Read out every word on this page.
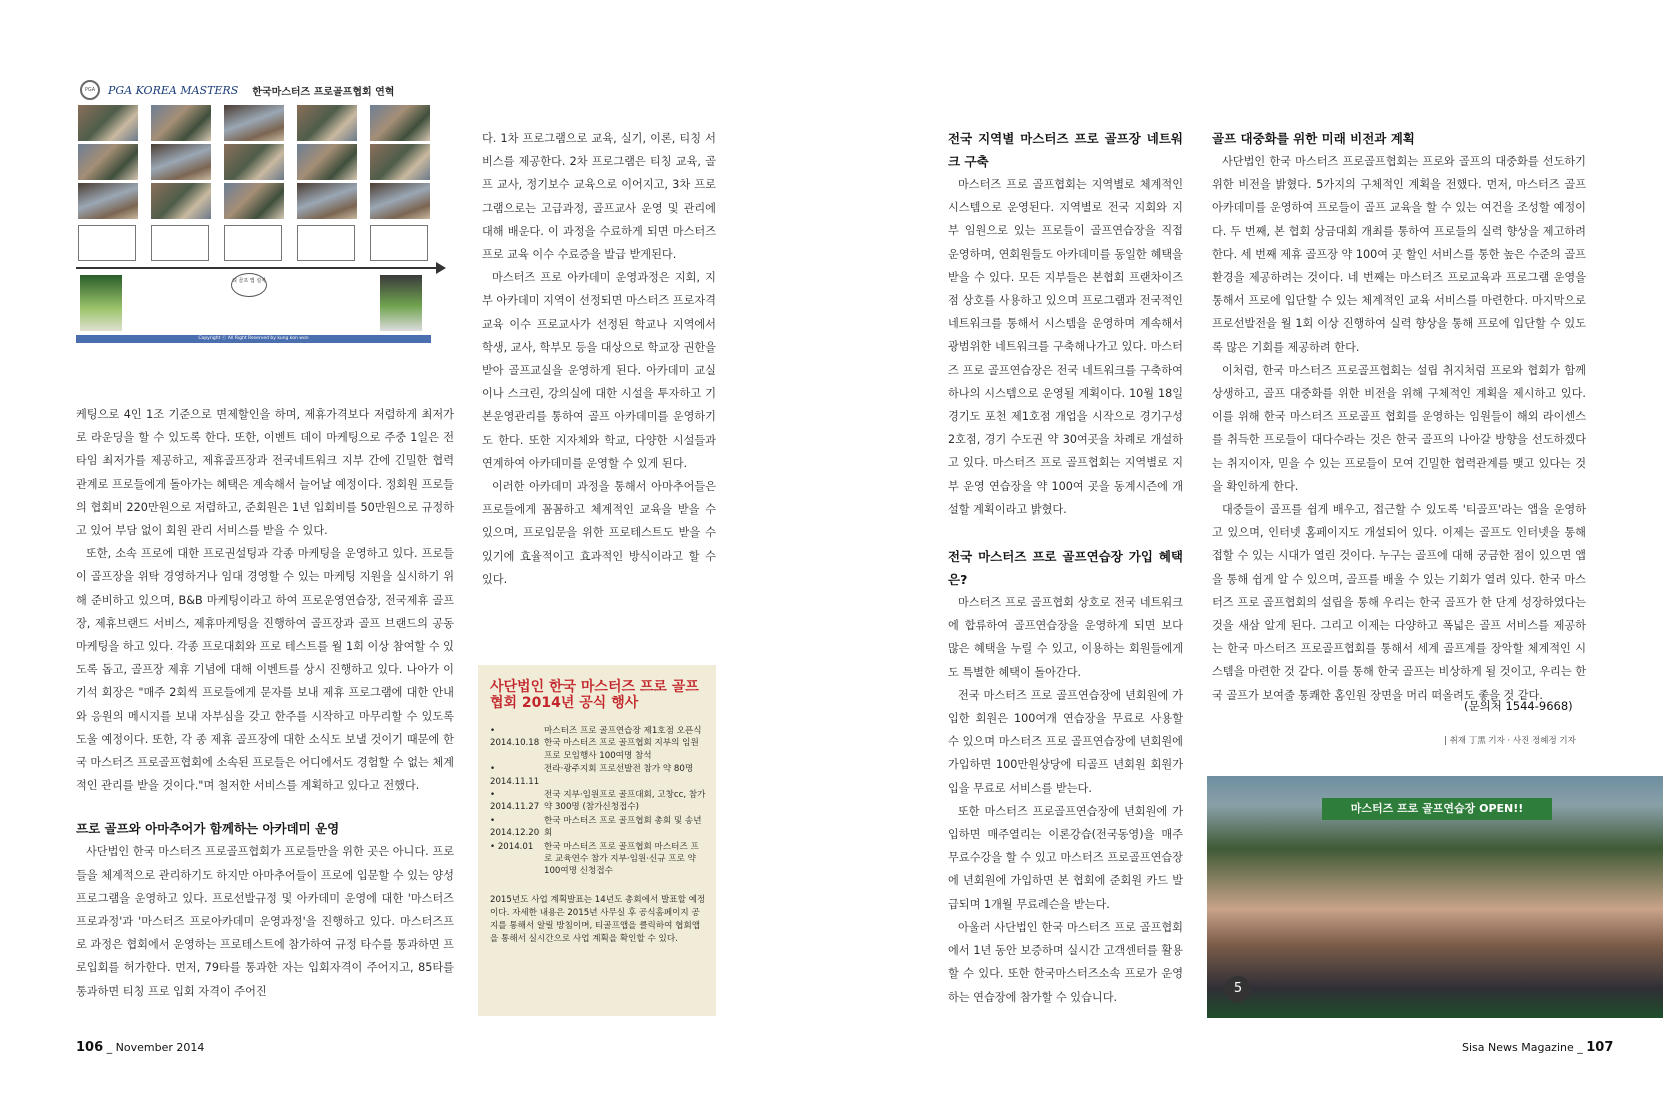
PGA	PGA KOREA MASTERS 한국마스터즈 프로골프협회 연혁
티 골프 앱 설치
Copyright ⓒ All Right Reserved by kung kon won

케팅으로 4인 1조 기준으로 면제할인을 하며, 제휴가격보다 저렴하게 최저가로 라운딩을 할 수 있도록 한다. 또한, 이벤트 데이 마케팅으로 주중 1일은 전타임 최저가를 제공하고, 제휴골프장과 전국네트워크 지부 간에 긴밀한 협력 관계로 프로들에게 돌아가는 혜택은 계속해서 늘어날 예정이다. 정회원 프로들의 협회비 220만원으로 저렴하고, 준회원은 1년 입회비를 50만원으로 규정하고 있어 부담 없이 회원 관리 서비스를 받을 수 있다.

또한, 소속 프로에 대한 프로권설팅과 각종 마케팅을 운영하고 있다. 프로들이 골프장을 위탁 경영하거나 임대 경영할 수 있는 마케팅 지원을 실시하기 위해 준비하고 있으며, B&B 마케팅이라고 하여 프로운영연습장, 전국제휴 골프장, 제휴브랜드 서비스, 제휴마케팅을 진행하여 골프장과 골프 브랜드의 공동마케팅을 하고 있다. 각종 프로대회와 프로 테스트를 월 1회 이상 참여할 수 있도록 돕고, 골프장 제휴 기념에 대해 이벤트를 상시 진행하고 있다. 나아가 이기석 회장은 "매주 2회씩 프로들에게 문자를 보내 제휴 프로그램에 대한 안내와 응원의 메시지를 보내 자부심을 갖고 한주를 시작하고 마무리할 수 있도록 도울 예정이다. 또한, 각 종 제휴 골프장에 대한 소식도 보낼 것이기 때문에 한국 마스터즈 프로골프협회에 소속된 프로들은 어디에서도 경험할 수 없는 체계적인 관리를 받을 것이다."며 철저한 서비스를 계획하고 있다고 전했다.

프로 골프와 아마추어가 함께하는 아카데미 운영

사단법인 한국 마스터즈 프로골프협회가 프로들만을 위한 곳은 아니다. 프로들을 체계적으로 관리하기도 하지만 아마추어들이 프로에 입문할 수 있는 양성프로그램을 운영하고 있다. 프로선발규정 및 아카데미 운영에 대한 '마스터즈 프로과정'과 '마스터즈 프로아카데미 운영과정'을 진행하고 있다. 마스터즈프로 과정은 협회에서 운영하는 프로테스트에 참가하여 규정 타수를 통과하면 프로입회를 허가한다. 먼저, 79타를 통과한 자는 입회자격이 주어지고, 85타를 통과하면 티칭 프로 입회 자격이 주어진

다. 1차 프로그램으로 교육, 실기, 이론, 티칭 서비스를 제공한다. 2차 프로그램은 티칭 교육, 골프 교사, 정기보수 교육으로 이어지고, 3차 프로그램으로는 고급과정, 골프교사 운영 및 관리에 대해 배운다. 이 과정을 수료하게 되면 마스터즈 프로 교육 이수 수료증을 발급 받게된다.

마스터즈 프로 아카데미 운영과정은 지회, 지부 아카데미 지역이 선정되면 마스터즈 프로자격 교육 이수 프로교사가 선정된 학교나 지역에서 학생, 교사, 학부모 등을 대상으로 학교장 권한을 받아 골프교실을 운영하게 된다. 아카데미 교실이나 스크린, 강의실에 대한 시설을 투자하고 기본운영관리를 통하여 골프 아카데미를 운영하기도 한다. 또한 지자체와 학교, 다양한 시설들과 연계하여 아카데미를 운영할 수 있게 된다.

이러한 아카데미 과정을 통해서 아마추어들은 프로들에게 꼼꼼하고 체계적인 교육을 받을 수 있으며, 프로입문을 위한 프로테스트도 받을 수 있기에 효율적이고 효과적인 방식이라고 할 수 있다.

사단법인 한국 마스터즈 프로 골프협회 2014년 공식 행사
• 2014.10.18
마스터즈 프로 골프연습장 제1호점 오픈식 한국 마스터즈 프로 골프협회 지부의 임원 프로 모임행사 100여명 참석
• 2014.11.11
전라·광주지회 프로선발전 참가 약 80명
• 2014.11.27
전국 지부·임원프로 골프대회, 고창cc, 참가 약 300명 (참가신청접수)
• 2014.12.20
한국 마스터즈 프로 골프협회 총회 및 송년회
• 2014.01	한국 마스터즈 프로 골프협회 마스터즈 프로 교육연수 참가 지부·임원·신규 프로 약 100여명 신청접수
2015년도 사업 계획발표는 14년도 총회에서 발표할 예정이다. 자세한 내용은 2015년 사무실 후 공식홈페이지 공지를 통해서 알릴 방침이며, 티골프앱을 클릭하여 협회앱을 통해서 실시간으로 사업 계획을 확인할 수 있다.
전국 지역별 마스터즈 프로 골프장 네트워크 구축

마스터즈 프로 골프협회는 지역별로 체계적인 시스템으로 운영된다. 지역별로 전국 지회와 지부 임원으로 있는 프로들이 골프연습장을 직접 운영하며, 연회원들도 아카데미를 동일한 혜택을 받을 수 있다. 모든 지부들은 본협회 프랜차이즈점 상호를 사용하고 있으며 프로그램과 전국적인 네트워크를 통해서 시스템을 운영하며 계속해서 광범위한 네트워크를 구축해나가고 있다. 마스터즈 프로 골프연습장은 전국 네트워크를 구축하여 하나의 시스템으로 운영될 계획이다. 10월 18일 경기도 포천 제1호점 개업을 시작으로 경기구성 2호점, 경기 수도권 약 30여곳을 차례로 개설하고 있다. 마스터즈 프로 골프협회는 지역별로 지부 운영 연습장을 약 100여 곳을 동계시즌에 개설할 계획이라고 밝혔다.

전국 마스터즈 프로 골프연습장 가입 혜택은?

마스터즈 프로 골프협회 상호로 전국 네트워크에 합류하여 골프연습장을 운영하게 되면 보다 많은 혜택을 누릴 수 있고, 이용하는 회원들에게도 특별한 혜택이 돌아간다.

전국 마스터즈 프로 골프연습장에 년회원에 가입한 회원은 100여개 연습장을 무료로 사용할 수 있으며 마스터즈 프로 골프연습장에 년회원에 가입하면 100만원상당에 티골프 년회원 회원가입을 무료로 서비스를 받는다.

또한 마스터즈 프로골프연습장에 년회원에 가입하면 매주열리는 이론강습(전국동영)을 매주 무료수강을 할 수 있고 마스터즈 프로골프연습장에 년회원에 가입하면 본 협회에 준회원 카드 발급되며 1개월 무료레슨을 받는다.

아울러 사단법인 한국 마스터즈 프로 골프협회에서 1년 동안 보증하며 실시간 고객센터를 활용할 수 있다. 또한 한국마스터즈소속 프로가 운영하는 연습장에 참가할 수 있습니다.

골프 대중화를 위한 미래 비전과 계획

사단법인 한국 마스터즈 프로골프협회는 프로와 골프의 대중화를 선도하기 위한 비전을 밝혔다. 5가지의 구체적인 계획을 전했다. 먼저, 마스터즈 골프 아카데미를 운영하여 프로들이 골프 교육을 할 수 있는 여건을 조성할 예정이다. 두 번째, 본 협회 상금대회 개최를 통하여 프로들의 실력 향상을 제고하려 한다. 세 번째 제휴 골프장 약 100여 곳 할인 서비스를 통한 높은 수준의 골프 환경을 제공하려는 것이다. 네 번째는 마스터즈 프로교육과 프로그램 운영을 통해서 프로에 입단할 수 있는 체계적인 교육 서비스를 마련한다. 마지막으로 프로선발전을 월 1회 이상 진행하여 실력 향상을 통해 프로에 입단할 수 있도록 많은 기회를 제공하려 한다.

이처럼, 한국 마스터즈 프로골프협회는 설립 취지처럼 프로와 협회가 함께 상생하고, 골프 대중화를 위한 비전을 위해 구체적인 계획을 제시하고 있다. 이를 위해 한국 마스터즈 프로골프 협회를 운영하는 임원들이 해외 라이센스를 취득한 프로들이 대다수라는 것은 한국 골프의 나아갈 방향을 선도하겠다는 취지이자, 믿을 수 있는 프로들이 모여 긴밀한 협력관계를 맺고 있다는 것을 확인하게 한다.

대중들이 골프를 쉽게 배우고, 접근할 수 있도록 '티골프'라는 앱을 운영하고 있으며, 인터넷 홈페이지도 개설되어 있다. 이제는 골프도 인터넷을 통해 접할 수 있는 시대가 열린 것이다. 누구는 골프에 대해 궁금한 점이 있으면 앱을 통해 쉽게 알 수 있으며, 골프를 배울 수 있는 기회가 열려 있다. 한국 마스터즈 프로 골프협회의 설립을 통해 우리는 한국 골프가 한 단계 성장하였다는 것을 새삼 알게 된다. 그리고 이제는 다양하고 폭넓은 골프 서비스를 제공하는 한국 마스터즈 프로골프협회를 통해서 세계 골프계를 장악할 체계적인 시스템을 마련한 것 같다. 이를 통해 한국 골프는 비상하게 될 것이고, 우리는 한국 골프가 보여줄 통쾌한 홈인원 장면을 머리 떠올려도 좋을 것 같다.

(문의처 1544-9668)
| 취재 丁黑 기자 · 사진 정혜정 기자
마스터즈 프로 골프연습장 OPEN!!
5
106 _ November 2014	Sisa News Magazine _ 107
